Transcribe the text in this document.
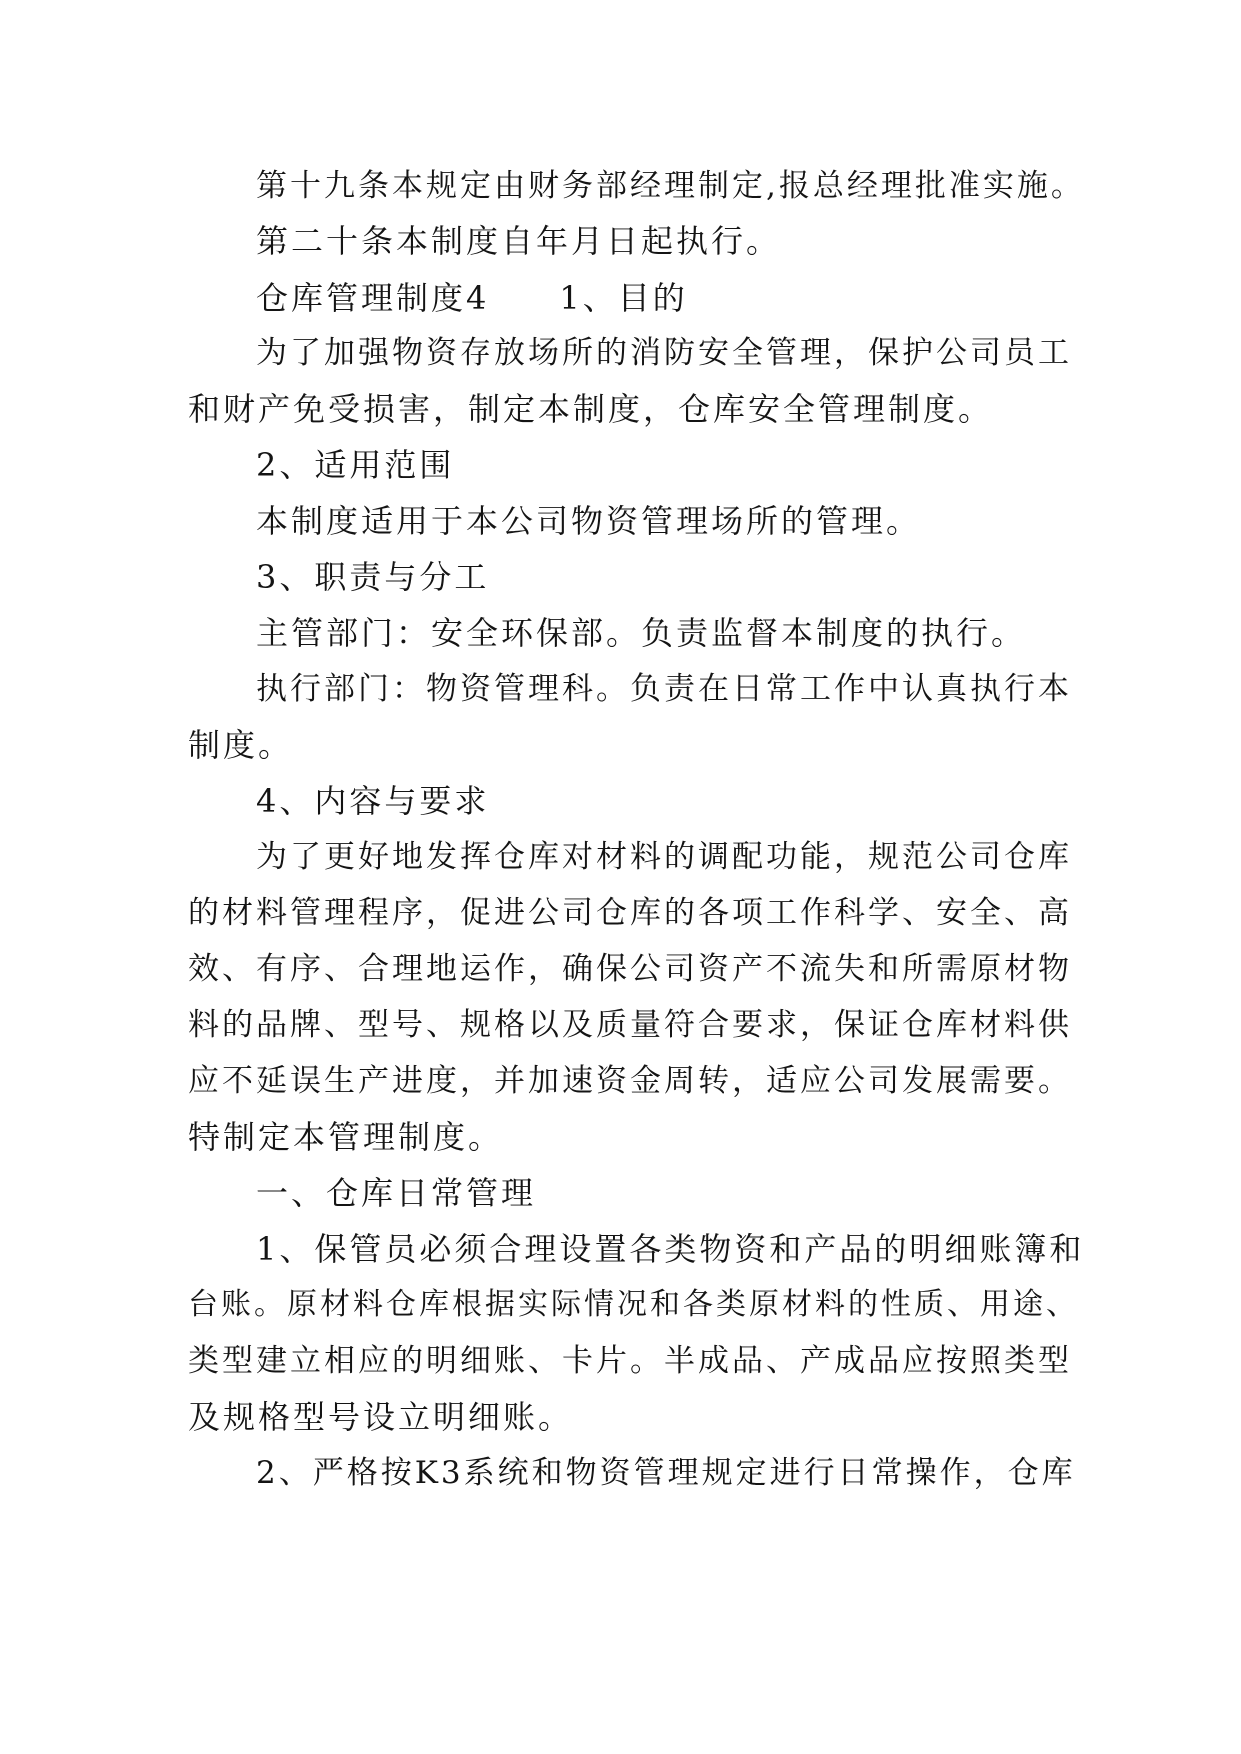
第十九条本规定由财务部经理制定,报总经理批准实施。
第二十条本制度自年月日起执行。
仓库管理制度4　　1、目的
为了加强物资存放场所的消防安全管理，保护公司员工
和财产免受损害，制定本制度，仓库安全管理制度。
2、适用范围
本制度适用于本公司物资管理场所的管理。
3、职责与分工
主管部门：安全环保部。负责监督本制度的执行。
执行部门：物资管理科。负责在日常工作中认真执行本
制度。
4、内容与要求
为了更好地发挥仓库对材料的调配功能，规范公司仓库
的材料管理程序，促进公司仓库的各项工作科学、安全、高
效、有序、合理地运作，确保公司资产不流失和所需原材物
料的品牌、型号、规格以及质量符合要求，保证仓库材料供
应不延误生产进度，并加速资金周转，适应公司发展需要。
特制定本管理制度。
一、仓库日常管理
1、保管员必须合理设置各类物资和产品的明细账簿和
台账。原材料仓库根据实际情况和各类原材料的性质、用途、
类型建立相应的明细账、卡片。半成品、产成品应按照类型
及规格型号设立明细账。
2、严格按K3系统和物资管理规定进行日常操作，仓库
